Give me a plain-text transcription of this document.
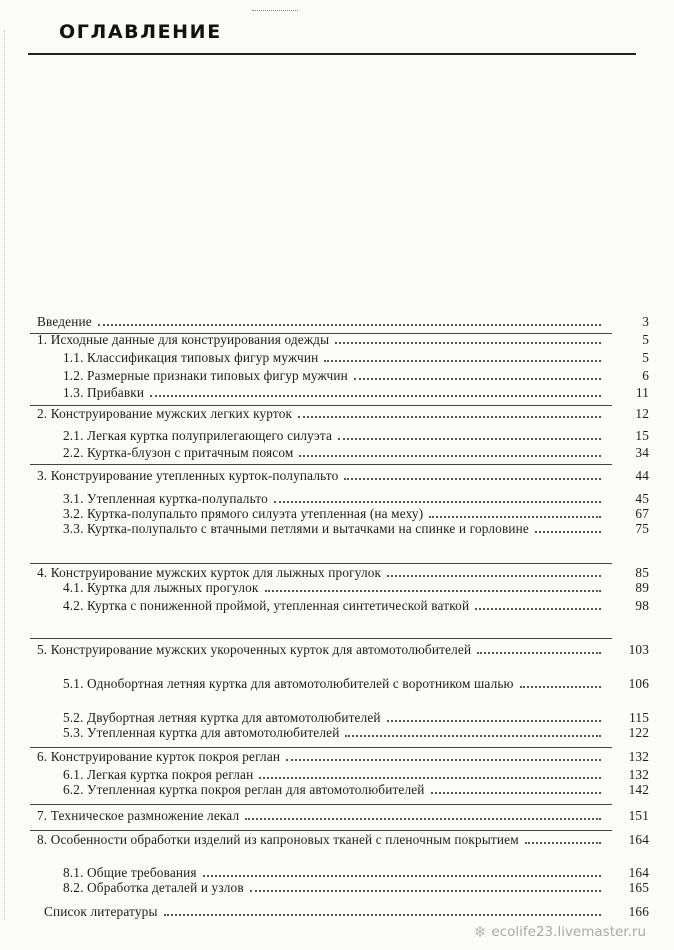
ОГЛАВЛЕНИЕ
Введение	3
1. Исходные данные для конструирования одежды	5
1.1. Классификация типовых фигур мужчин	5
1.2. Размерные признаки типовых фигур мужчин	6
1.3. Прибавки	11
2. Конструирование мужских легких курток	12
2.1. Легкая куртка полуприлегающего силуэта	15
2.2. Куртка-блузон с притачным поясом	34
3. Конструирование утепленных курток-полупальто	44
3.1. Утепленная куртка-полупальто	45
3.2. Куртка-полупальто прямого силуэта утепленная (на меху)	67
3.3. Куртка-полупальто с втачными петлями и вытачками на спинке и горловине	75
4. Конструирование мужских курток для лыжных прогулок	85
4.1. Куртка для лыжных прогулок	89
4.2. Куртка с пониженной проймой, утепленная синтетической ваткой	98
5. Конструирование мужских укороченных курток для автомотолюбителей	103
5.1. Однобортная летняя куртка для автомотолюбителей с воротником шалью	106
5.2. Двубортная летняя куртка для автомотолюбителей	115
5.3. Утепленная куртка для автомотолюбителей	122
6. Конструирование курток покроя реглан	132
6.1. Легкая куртка покроя реглан	132
6.2. Утепленная куртка покроя реглан для автомотолюбителей	142
7. Техническое размножение лекал	151
8. Особенности обработки изделий из капроновых тканей с пленочным покрытием	164
8.1. Общие требования	164
8.2. Обработка деталей и узлов	165
Список литературы	166
❄ ecolife23.livemaster.ru
